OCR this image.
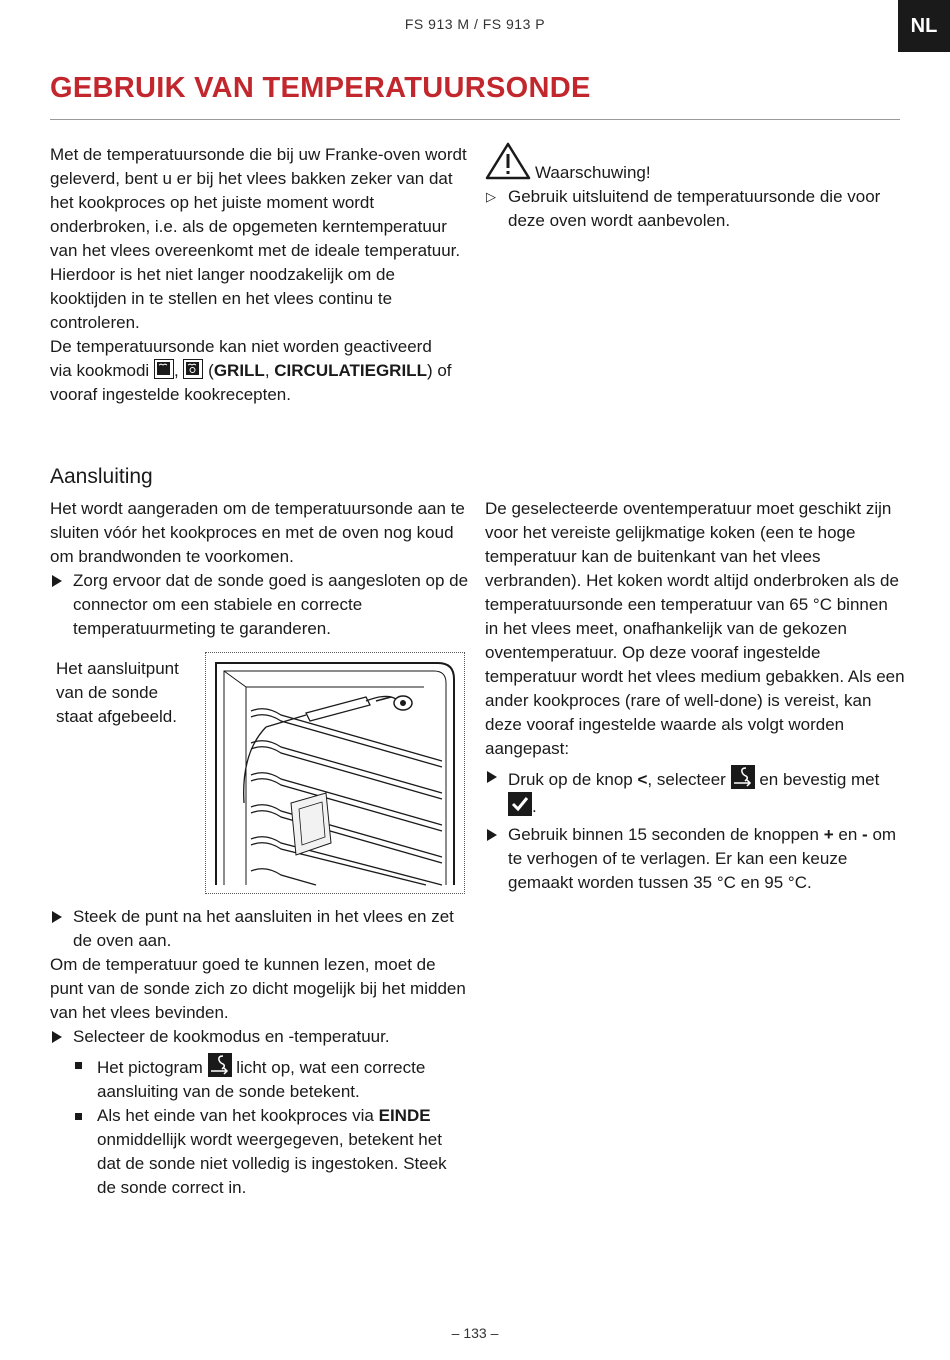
FS 913 M / FS 913 P	NL
GEBRUIK VAN TEMPERATUURSONDE

Met de temperatuursonde die bij uw Franke-oven wordt geleverd, bent u er bij het vlees bakken zeker van dat het kookproces op het juiste moment wordt onderbroken, i.e. als de opgemeten kerntemperatuur van het vlees overeenkomt met de ideale temperatuur. Hierdoor is het niet langer noodzakelijk om de kooktijden in te stellen en het vlees continu te controleren.

De temperatuursonde kan niet worden geactiveerd
via kookmodi , (GRILL, CIRCULATIEGRILL) of
vooraf ingestelde kookrecepten.

Waarschuwing!
▷ Gebruik uitsluitend de temperatuursonde die voor deze oven wordt aanbevolen.
Aansluiting

Het wordt aangeraden om de temperatuursonde aan te sluiten vóór het kookproces en met de oven nog koud om brandwonden te voorkomen.

Zorg ervoor dat de sonde goed is aangesloten op de connector om een stabiele en correcte temperatuurmeting te garanderen.
Het aansluitpunt van de sonde staat afgebeeld.
Steek de punt na het aansluiten in het vlees en zet de oven aan.

Om de temperatuur goed te kunnen lezen, moet de punt van de sonde zich zo dicht mogelijk bij het midden van het vlees bevinden.

Selecteer de kookmodus en -temperatuur.
Het pictogram licht op, wat een correcte aansluiting van de sonde betekent.
Als het einde van het kookproces via EINDE onmiddellijk wordt weergegeven, betekent het dat de sonde niet volledig is ingestoken. Steek de sonde correct in.

De geselecteerde oventemperatuur moet geschikt zijn voor het vereiste gelijkmatige koken (een te hoge temperatuur kan de buitenkant van het vlees verbranden). Het koken wordt altijd onderbroken als de temperatuursonde een temperatuur van 65 °C binnen in het vlees meet, onafhankelijk van de gekozen oventemperatuur. Op deze vooraf ingestelde temperatuur wordt het vlees medium gebakken. Als een ander kookproces (rare of well-done) is vereist, kan deze vooraf ingestelde waarde als volgt worden aangepast:

Druk op de knop <, selecteer en bevestig met

.
Gebruik binnen 15 seconden de knoppen + en - om te verhogen of te verlagen. Er kan een keuze gemaakt worden tussen 35 °C en 95 °C.
– 133 –
